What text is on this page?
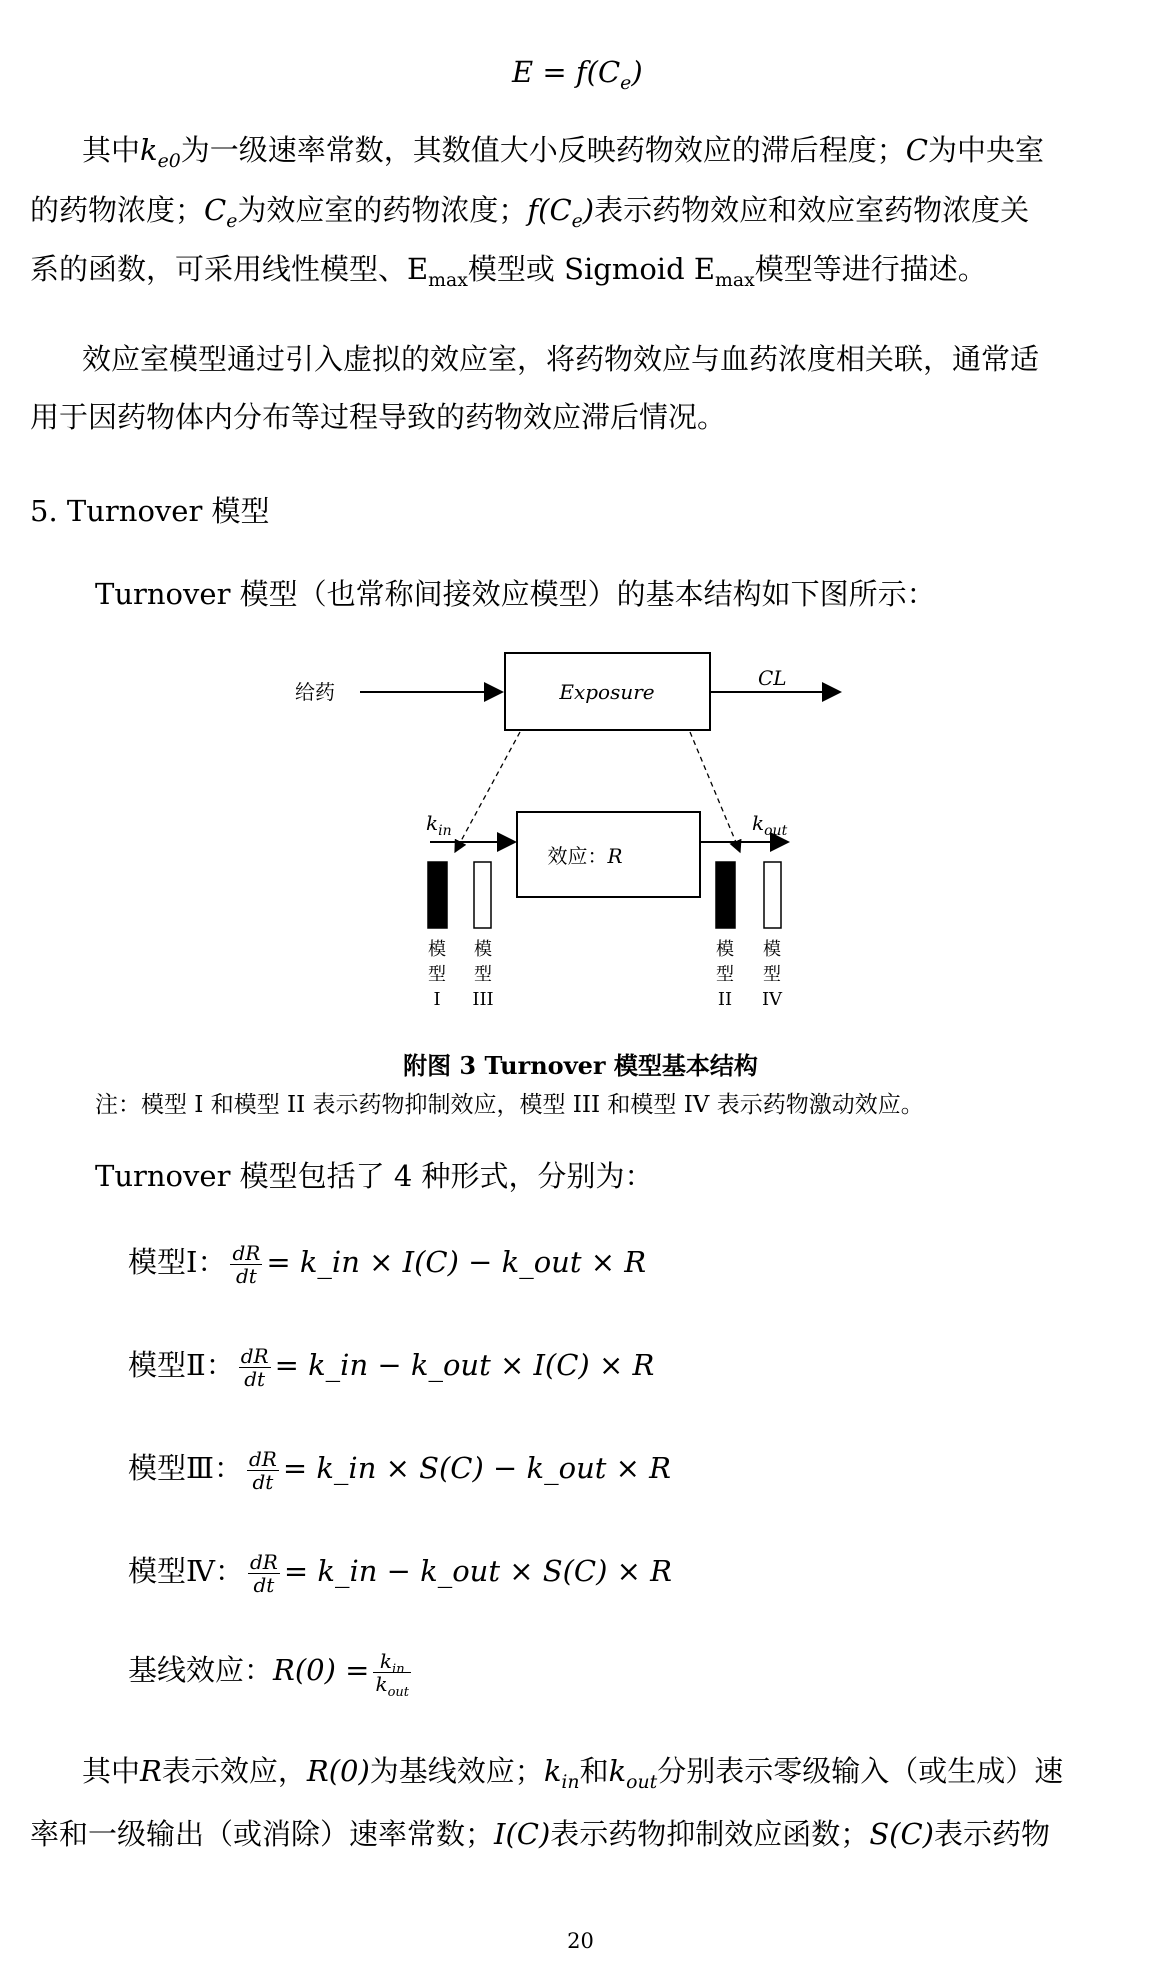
$E = f(C_e)$
其中$k_{e0}$为一级速率常数，其数值大小反映药物效应的滞后程度；C为中央室
的药物浓度；$C_e$为效应室的药物浓度；$f(C_e)$表示药物效应和效应室药物浓度关
系的函数，可采用线性模型、$E_{max}$模型或 Sigmoid $E_{max}$模型等进行描述。
效应室模型通过引入虚拟的效应室，将药物效应与血药浓度相关联，通常适
用于因药物体内分布等过程导致的药物效应滞后情况。
5. Turnover 模型
Turnover 模型（也常称间接效应模型）的基本结构如下图所示：
Exposure
给药
CL
效应：R
$k_{in}$	$k_{out}$
模
型
I
模
型
III
模
型
II
模
型
IV
附图 3 Turnover 模型基本结构
注：模型 I 和模型 II 表示药物抑制效应，模型 III 和模型 IV 表示药物激动效应。
Turnover 模型包括了 4 种形式，分别为：
模型Ⅰ： $\frac{dR}{dt}$ = k_in × I(C) − k_out × R
模型Ⅱ： $\frac{dR}{dt}$ = k_in − k_out × I(C) × R
模型Ⅲ： $\frac{dR}{dt}$ = k_in × S(C) − k_out × R
模型Ⅳ： $\frac{dR}{dt}$ = k_in − k_out × S(C) × R
基线效应：$R(0) = \frac{k_{in}}{k_{out}}$
其中R表示效应，R(0)为基线效应；$k_{in}$和$k_{out}$分别表示零级输入（或生成）速
率和一级输出（或消除）速率常数；I(C)表示药物抑制效应函数；S(C)表示药物
20
